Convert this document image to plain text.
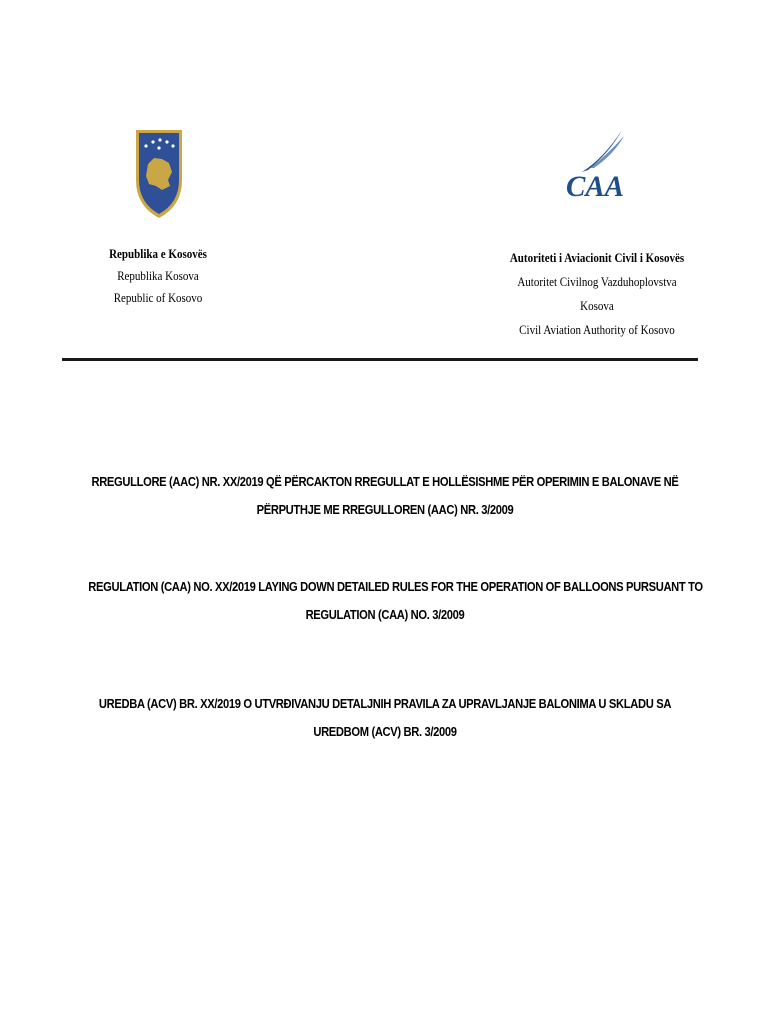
CAA
Republika e Kosovës
Republika Kosova
Republic of Kosovo
Autoriteti i Aviacionit Civil i Kosovës
Autoritet Civilnog Vazduhoplovstva Kosova
Civil Aviation Authority of Kosovo
RREGULLORE (AAC) NR. XX/2019 QË PËRCAKTON RREGULLAT E HOLLËSISHME PËR OPERIMIN E BALONAVE NË
PËRPUTHJE ME RREGULLOREN (AAC) NR. 3/2009
REGULATION (CAA) NO. XX/2019 LAYING DOWN DETAILED RULES FOR THE OPERATION OF BALLOONS PURSUANT TO
REGULATION (CAA) NO. 3/2009
UREDBA (ACV) BR. XX/2019 O UTVRĐIVANJU DETALJNIH PRAVILA ZA UPRAVLJANJE BALONIMA U SKLADU SA
UREDBOM (ACV) BR. 3/2009
